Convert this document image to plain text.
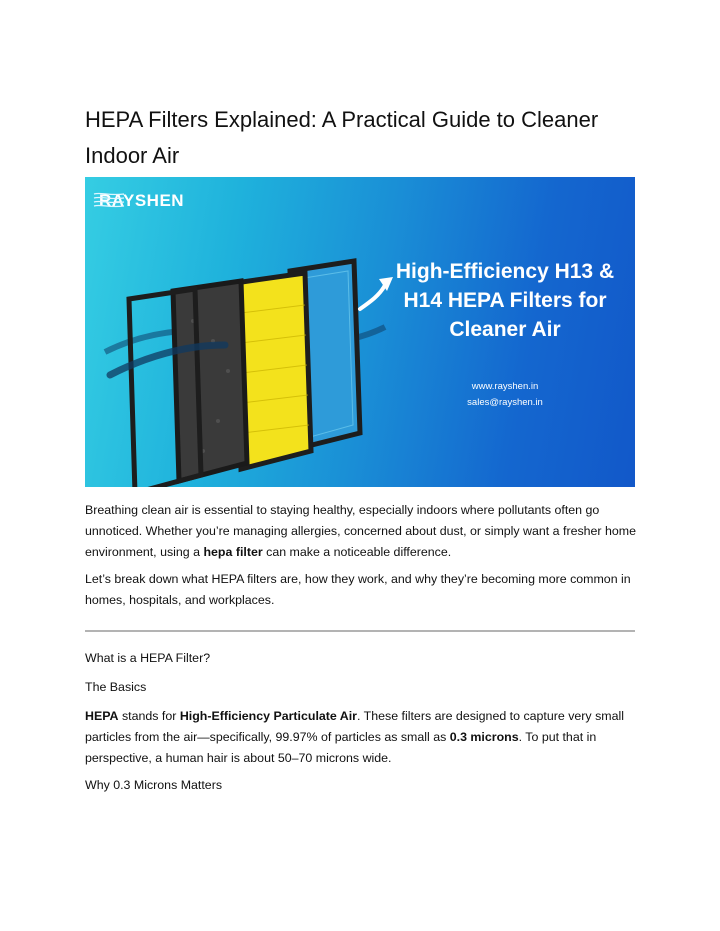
HEPA Filters Explained: A Practical Guide to Cleaner Indoor Air
RAYSHEN
High-Efficiency H13 & H14 HEPA Filters for Cleaner Air
www.rayshen.in
sales@rayshen.in

Breathing clean air is essential to staying healthy, especially indoors where pollutants often go unnoticed. Whether you’re managing allergies, concerned about dust, or simply want a fresher home environment, using a hepa filter can make a noticeable difference.

Let’s break down what HEPA filters are, how they work, and why they’re becoming more common in homes, hospitals, and workplaces.

What is a HEPA Filter?

The Basics

HEPA stands for High-Efficiency Particulate Air. These filters are designed to capture very small particles from the air—specifically, 99.97% of particles as small as 0.3 microns. To put that in perspective, a human hair is about 50–70 microns wide.

Why 0.3 Microns Matters
